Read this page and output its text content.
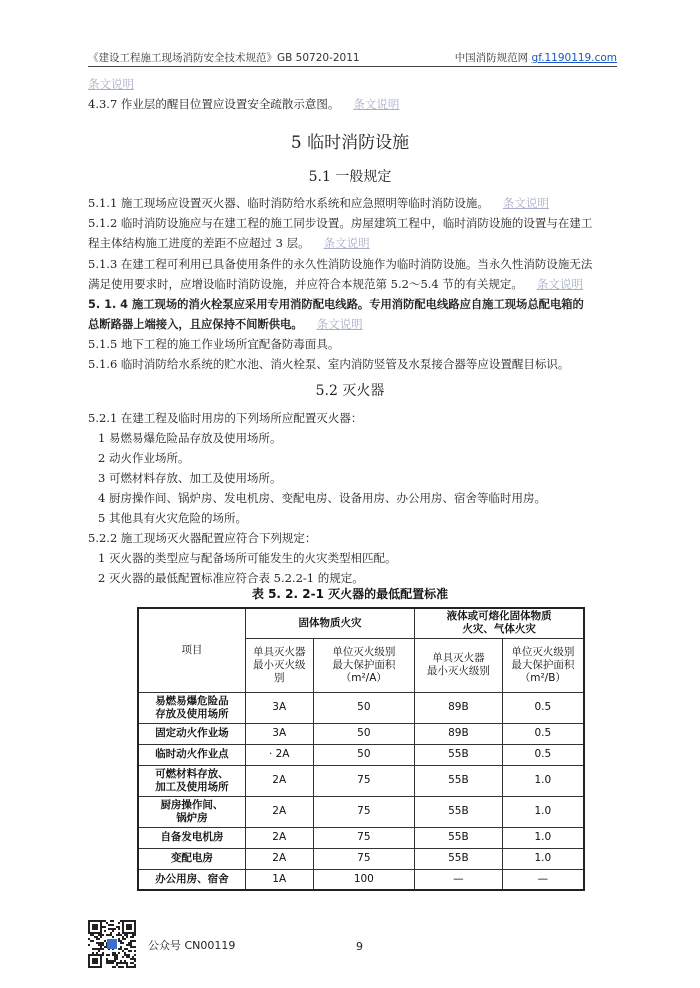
《建设工程施工现场消防安全技术规范》GB 50720-2011	中国消防规范网 gf.1190119.com
条文说明
4.3.7 作业层的醒目位置应设置安全疏散示意图。 条文说明
5 临时消防设施
5.1 一般规定
5.1.1 施工现场应设置灭火器、临时消防给水系统和应急照明等临时消防设施。 条文说明
5.1.2 临时消防设施应与在建工程的施工同步设置。房屋建筑工程中，临时消防设施的设置与在建工
程主体结构施工进度的差距不应超过 3 层。 条文说明
5.1.3 在建工程可利用已具备使用条件的永久性消防设施作为临时消防设施。当永久性消防设施无法
满足使用要求时，应增设临时消防设施，并应符合本规范第 5.2～5.4 节的有关规定。 条文说明
5. 1. 4 施工现场的消火栓泵应采用专用消防配电线路。专用消防配电线路应自施工现场总配电箱的
总断路器上端接入，且应保持不间断供电。 条文说明
5.1.5 地下工程的施工作业场所宜配备防毒面具。
5.1.6 临时消防给水系统的贮水池、消火栓泵、室内消防竖管及水泵接合器等应设置醒目标识。
5.2 灭火器
5.2.1 在建工程及临时用房的下列场所应配置灭火器：
1 易燃易爆危险品存放及使用场所。
2 动火作业场所。
3 可燃材料存放、加工及使用场所。
4 厨房操作间、锅炉房、发电机房、变配电房、设备用房、办公用房、宿舍等临时用房。
5 其他具有火灾危险的场所。
5.2.2 施工现场灭火器配置应符合下列规定：
1 灭火器的类型应与配备场所可能发生的火灾类型相匹配。
2 灭火器的最低配置标准应符合表 5.2.2-1 的规定。
表 5. 2. 2-1 灭火器的最低配置标准
项目	固体物质火灾		液体或可熔化固体物质
火灾、气体火灾	
	单具灭火器
最小灭火级别	单位灭火级别
最大保护面积
（m²/A）	单具灭火器
最小灭火级别	单位灭火级别
最大保护面积
（m²/B）
易燃易爆危险品
存放及使用场所	3A	50	89B	0.5
固定动火作业场	3A	50	89B	0.5
临时动火作业点	· 2A	50	55B	0.5
可燃材料存放、
加工及使用场所	2A	75	55B	1.0
厨房操作间、
锅炉房	2A	75	55B	1.0
自备发电机房	2A	75	55B	1.0
变配电房	2A	75	55B	1.0
办公用房、宿舍	1A	100	—	—
公众号 CN00119	9
